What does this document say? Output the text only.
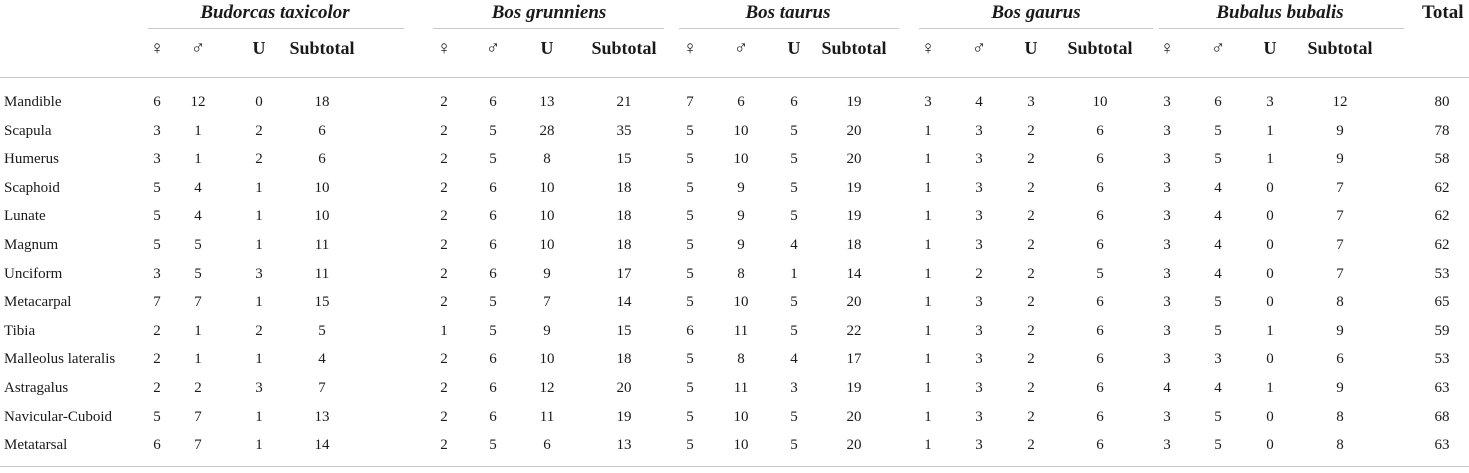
Budorcas taxicolor
♀ ♂	U Subtotal
Bos grunniens
♀ ♂ U Subtotal
Bos taurus
♀ ♂ U Subtotal
Bos gaurus
♀ ♂ U Subtotal
Bubalus bubalis
♀ ♂ U Subtotal
Total
Mandible	6 12	0	18	2	6	13	21	7	6	6	19	3	4	3	10	3	6	3	12	80
Scapula	3 1	2	6	2	5	28	35	5	10	5	20	1	3	2	6	3	5	1	9	78
Humerus	3 1	2	6	2	5	8	15	5	10	5	20	1	3	2	6	3	5	1	9	58
Scaphoid	5 4	1	10	2	6	10	18	5	9	5	19	1	3	2	6	3	4	0	7	62
Lunate	5 4	1	10	2	6	10	18	5	9	5	19	1	3	2	6	3	4	0	7	62
Magnum	5 5	1	11	2	6	10	18	5	9	4	18	1	3	2	6	3	4	0	7	62
Unciform	3 5	3	11	2	6	9	17	5	8	1	14	1	2	2	5	3	4	0	7	53
Metacarpal	7 7	1	15	2	5	7	14	5	10	5	20	1	3	2	6	3	5	0	8	65
Tibia	2 1	2	5	1	5	9	15	6	11	5	22	1	3	2	6	3	5	1	9	59
Malleolus lateralis	2 1	1	4	2	6	10	18	5	8	4	17	1	3	2	6	3	3	0	6	53
Astragalus	2 2	3	7	2	6	12	20	5	11	3	19	1	3	2	6	4	4	1	9	63
Navicular-Cuboid	5 7	1	13	2	6	11	19	5	10	5	20	1	3	2	6	3	5	0	8	68
Metatarsal	6 7	1	14	2	5	6	13	5	10	5	20	1	3	2	6	3	5	0	8	63
